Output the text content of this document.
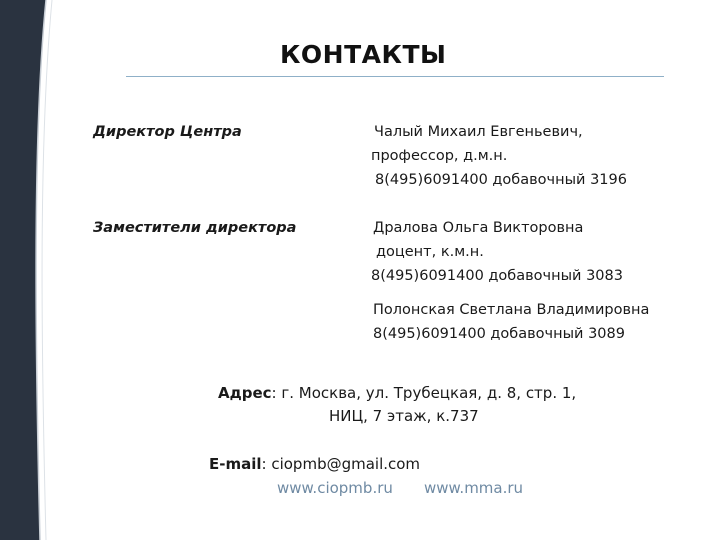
КОНТАКТЫ
Директор Центра	Чалый Михаил Евгеньевич,
профессор, д.м.н.
8(495)6091400 добавочный 3196
Заместители директора	Дралова Ольга Викторовна
доцент, к.м.н.
8(495)6091400 добавочный 3083
Полонская Светлана Владимировна
8(495)6091400 добавочный 3089
Адрес: г. Москва, ул. Трубецкая, д. 8, стр. 1,
НИЦ, 7 этаж, к.737
E-mail: ciopmb@gmail.com
www.ciopmb.ru www.mma.ru
